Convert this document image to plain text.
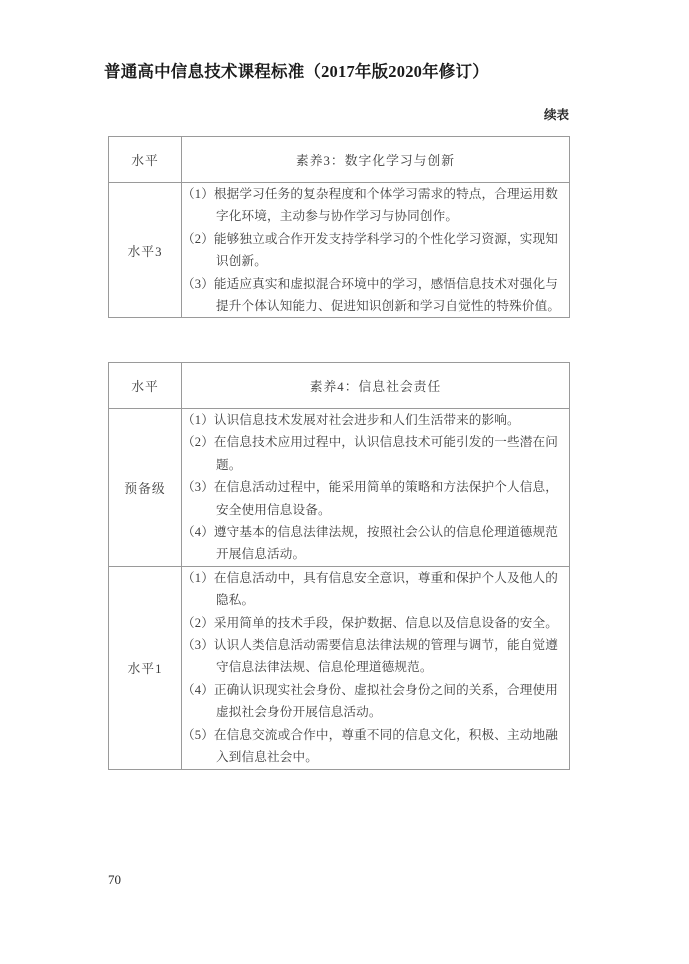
普通高中信息技术课程标准（2017年版2020年修订）
续表
水平	素养3：数字化学习与创新
水平3	（1）根据学习任务的复杂程度和个体学习需求的特点，合理运用数字化环境，主动参与协作学习与协同创作。
（2）能够独立或合作开发支持学科学习的个性化学习资源，实现知识创新。
（3）能适应真实和虚拟混合环境中的学习，感悟信息技术对强化与提升个体认知能力、促进知识创新和学习自觉性的特殊价值。
水平	素养4：信息社会责任
预备级	（1）认识信息技术发展对社会进步和人们生活带来的影响。
（2）在信息技术应用过程中，认识信息技术可能引发的一些潜在问题。
（3）在信息活动过程中，能采用简单的策略和方法保护个人信息，安全使用信息设备。
（4）遵守基本的信息法律法规，按照社会公认的信息伦理道德规范开展信息活动。

水平1	（1）在信息活动中，具有信息安全意识，尊重和保护个人及他人的隐私。
（2）采用简单的技术手段，保护数据、信息以及信息设备的安全。
（3）认识人类信息活动需要信息法律法规的管理与调节，能自觉遵守信息法律法规、信息伦理道德规范。
（4）正确认识现实社会身份、虚拟社会身份之间的关系，合理使用虚拟社会身份开展信息活动。
（5）在信息交流或合作中，尊重不同的信息文化，积极、主动地融入到信息社会中。
70
